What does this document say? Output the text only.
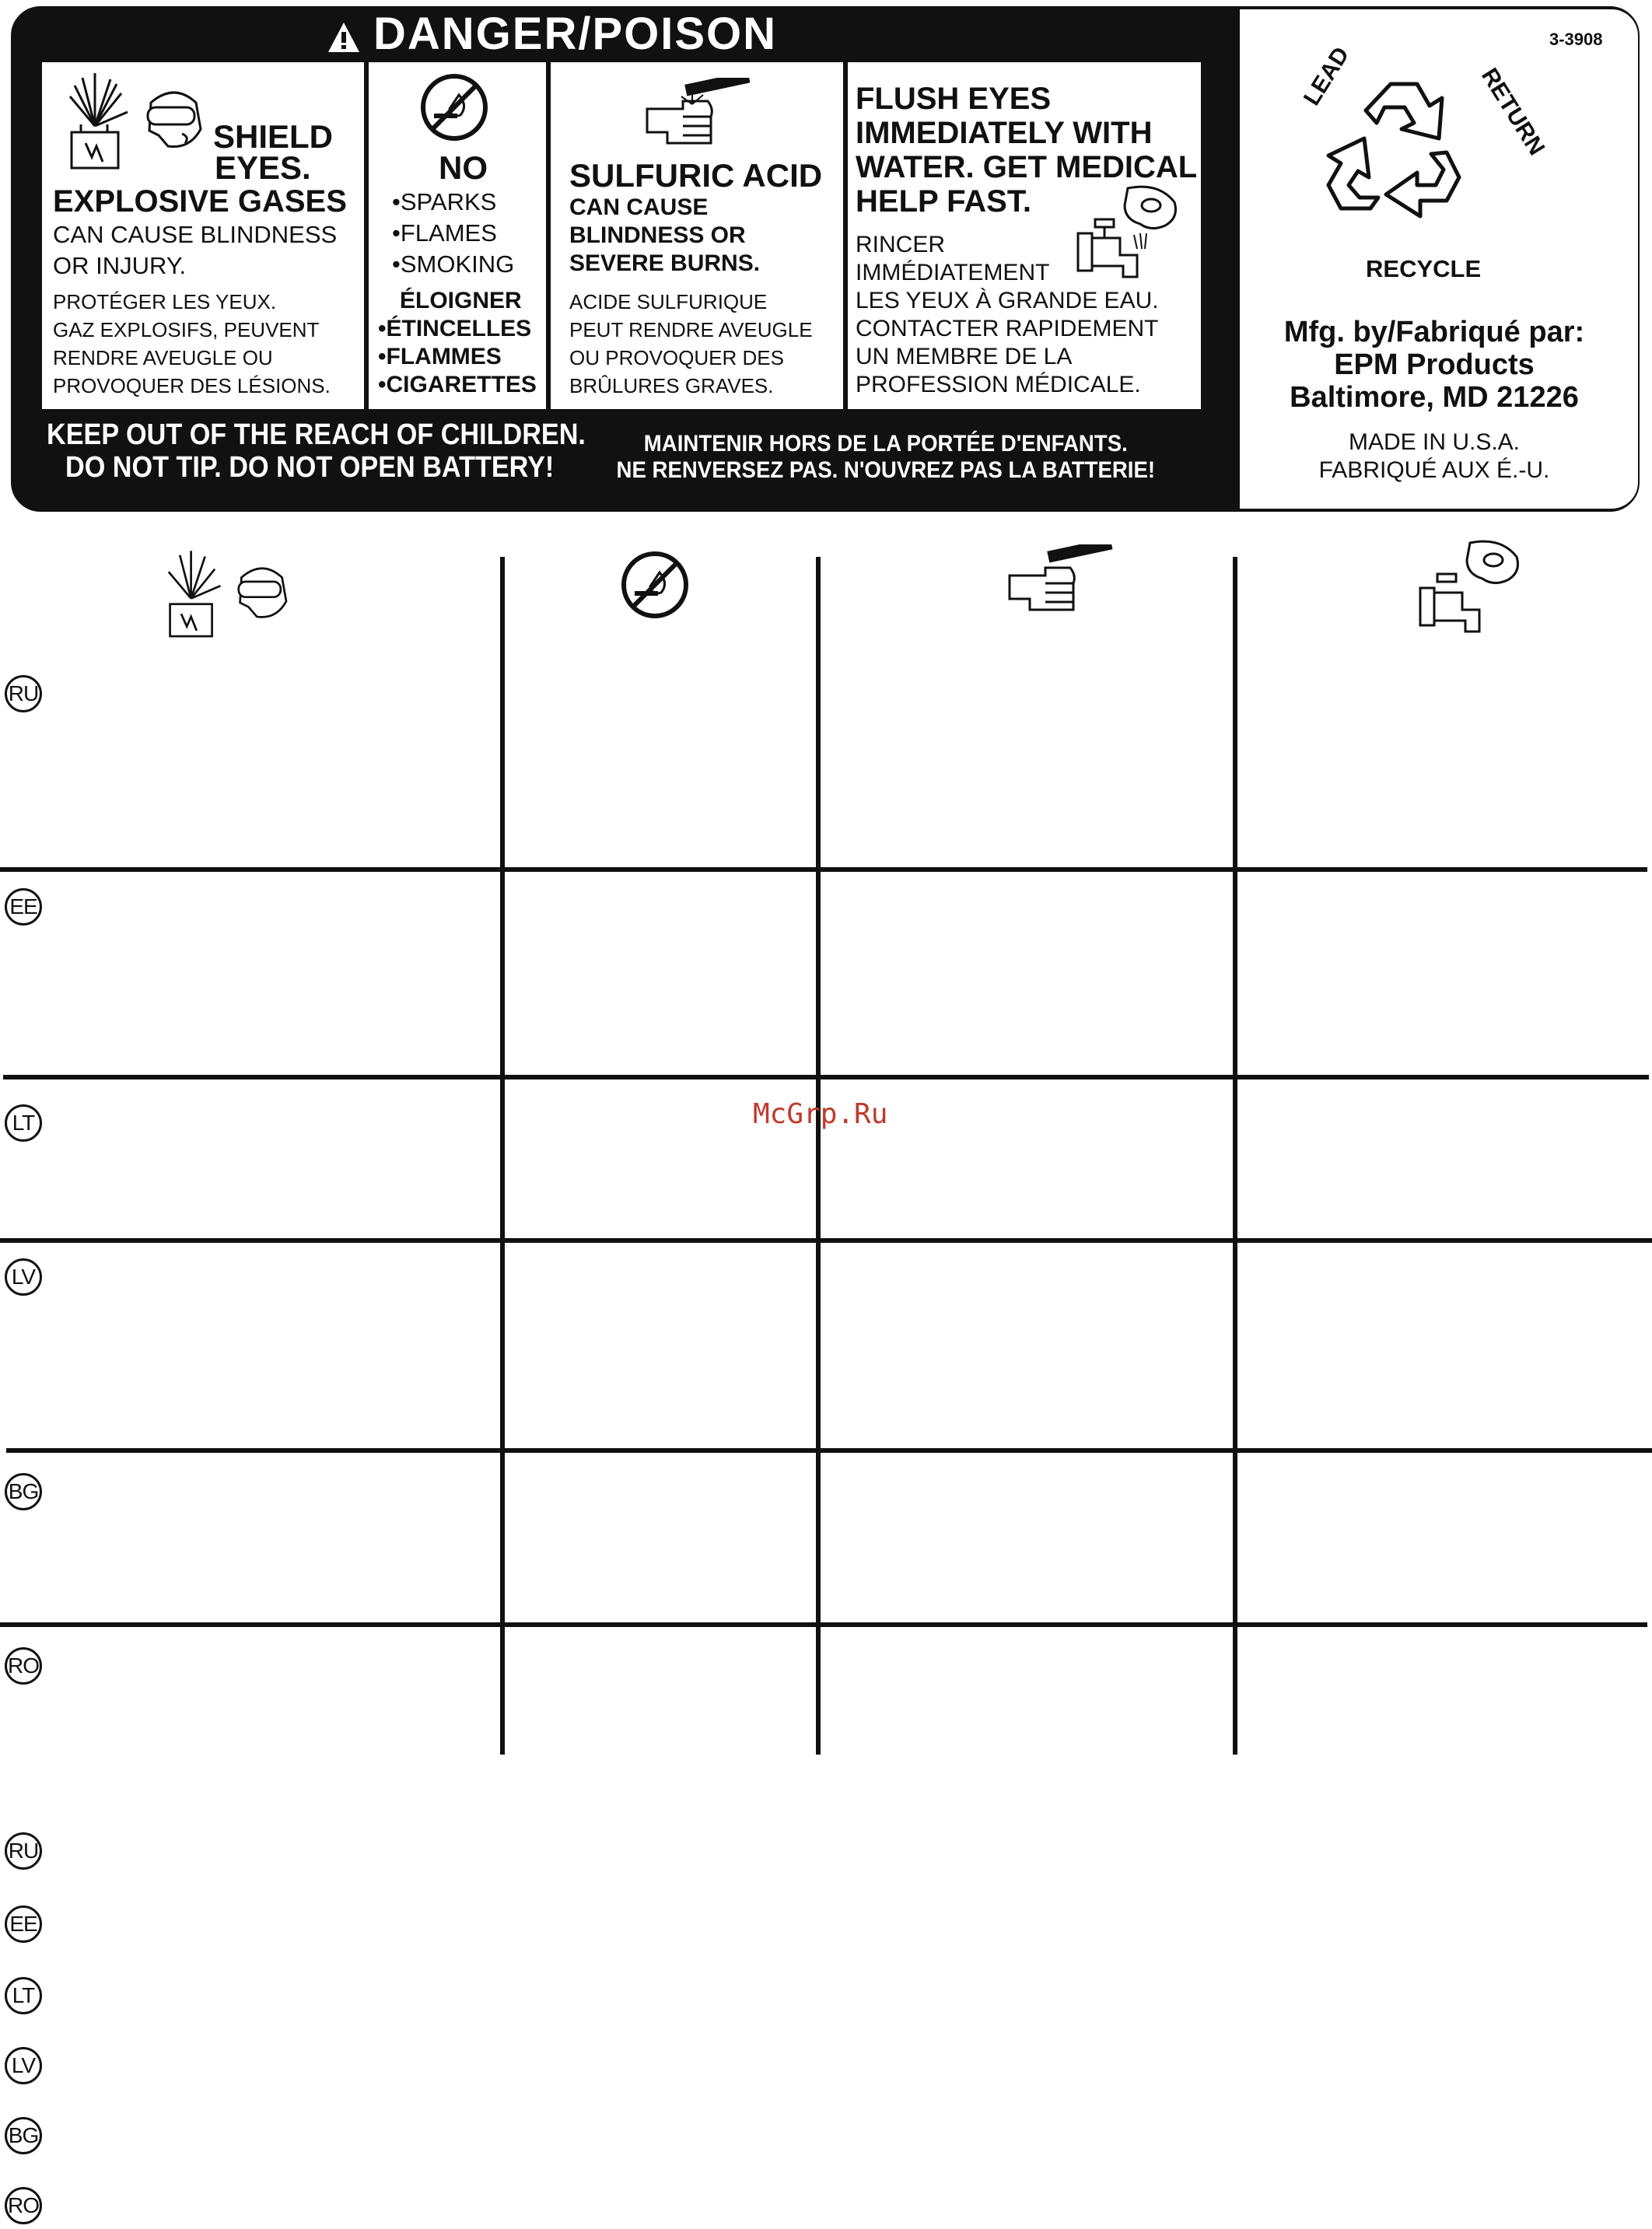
DANGER/POISON
SHIELD
EYES.
EXPLOSIVE GASES
CAN CAUSE BLINDNESS
OR INJURY.
PROTÉGER LES YEUX.
GAZ EXPLOSIFS, PEUVENT
RENDRE AVEUGLE OU
PROVOQUER DES LÉSIONS.
NO
•SPARKS
•FLAMES
•SMOKING
ÉLOIGNER
•ÉTINCELLES
•FLAMMES
•CIGARETTES
SULFURIC ACID
CAN CAUSE
BLINDNESS OR
SEVERE BURNS.
ACIDE SULFURIQUE
PEUT RENDRE AVEUGLE
OU PROVOQUER DES
BRÛLURES GRAVES.
FLUSH EYES
IMMEDIATELY WITH
WATER. GET MEDICAL
HELP FAST.
RINCER
IMMÉDIATEMENT
LES YEUX À GRANDE EAU.
CONTACTER RAPIDEMENT
UN MEMBRE DE LA
PROFESSION MÉDICALE.
KEEP OUT OF THE REACH OF CHILDREN.
DO NOT TIP. DO NOT OPEN BATTERY!
MAINTENIR HORS DE LA PORTÉE D'ENFANTS.
NE RENVERSEZ PAS. N'OUVREZ PAS LA BATTERIE!
3-3908
LEAD	RETURN
RECYCLE
Mfg. by/Fabriqué par:
EPM Products
Baltimore, MD 21226
MADE IN U.S.A.
FABRIQUÉ AUX É.-U.
RU
EE
LT
LV
BG
RO
McGrp.Ru
RU
EE
LT
LV
BG
RO
